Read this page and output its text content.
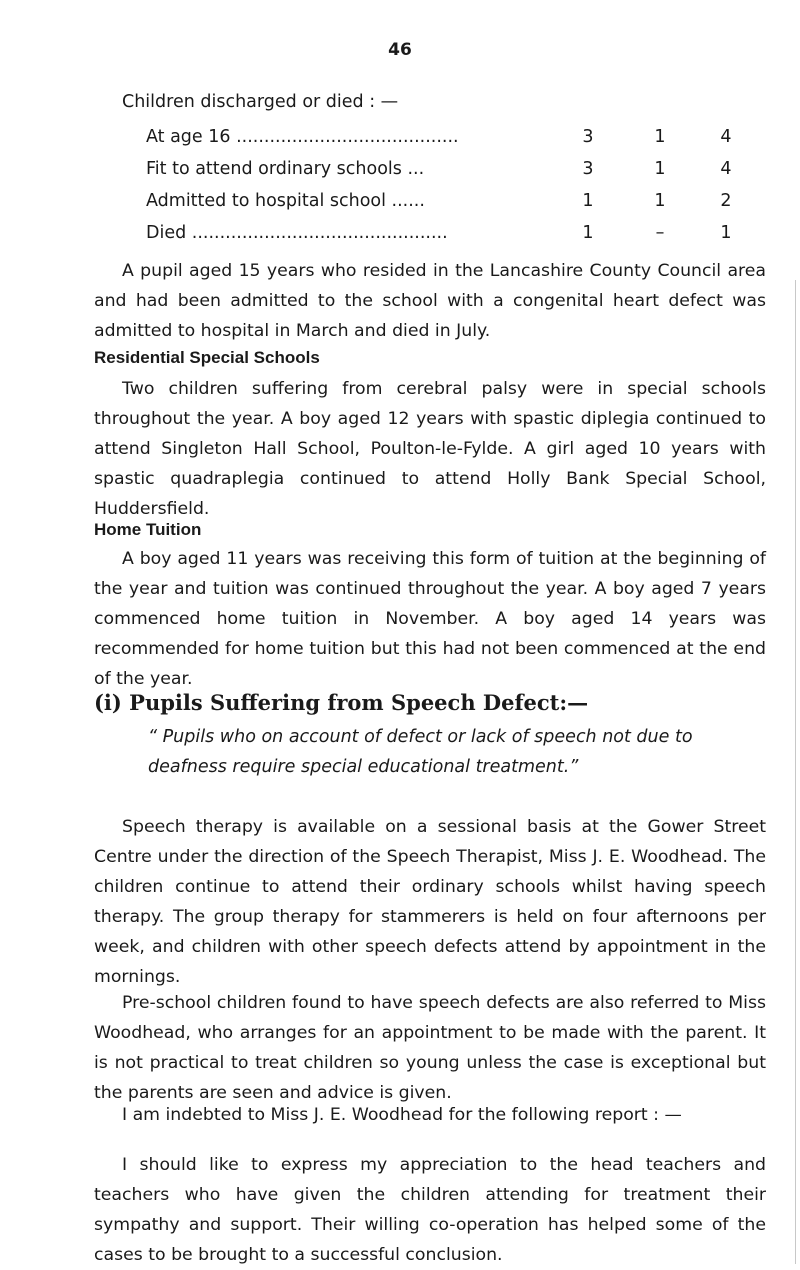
46

Children discharged or died : —

At age 16 ........................................	3	1	4
Fit to attend ordinary schools ...	3	1	4
Admitted to hospital school ......	1	1	2
Died ..............................................	1	–	1

A pupil aged 15 years who resided in the Lancashire County Council area and had been admitted to the school with a congenital heart defect was admitted to hospital in March and died in July.

Residential Special Schools

Two children suffering from cerebral palsy were in special schools throughout the year. A boy aged 12 years with spastic diplegia continued to attend Singleton Hall School, Poulton-le-Fylde. A girl aged 10 years with spastic quadraplegia continued to attend Holly Bank Special School, Huddersfield.

Home Tuition

A boy aged 11 years was receiving this form of tuition at the beginning of the year and tuition was continued throughout the year. A boy aged 7 years commenced home tuition in November. A boy aged 14 years was recommended for home tuition but this had not been commenced at the end of the year.

(i) Pupils Suffering from Speech Defect:—

“ Pupils who on account of defect or lack of speech not due to deafness require special educational treatment.”

Speech therapy is available on a sessional basis at the Gower Street Centre under the direction of the Speech Therapist, Miss J. E. Woodhead. The children continue to attend their ordinary schools whilst having speech therapy. The group therapy for stammerers is held on four afternoons per week, and children with other speech defects attend by appointment in the mornings.

Pre-school children found to have speech defects are also referred to Miss Woodhead, who arranges for an appointment to be made with the parent. It is not practical to treat children so young unless the case is exceptional but the parents are seen and advice is given.

I am indebted to Miss J. E. Woodhead for the following report : —

I should like to express my appreciation to the head teachers and teachers who have given the children attending for treatment their sympathy and support. Their willing co-operation has helped some of the cases to be brought to a successful conclusion.
